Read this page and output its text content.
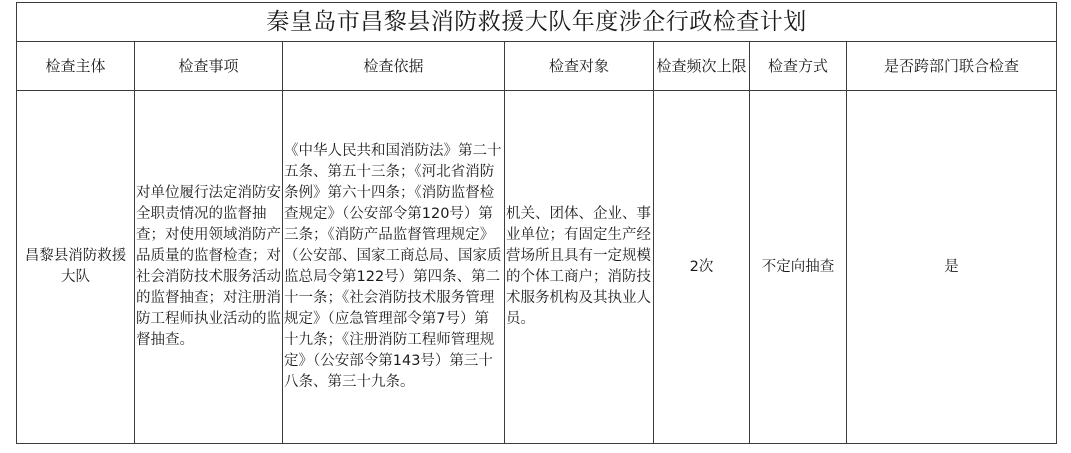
秦皇岛市昌黎县消防救援大队年度涉企行政检查计划						
检查主体	检查事项	检查依据	检查对象	检查频次上限	检查方式	是否跨部门联合检查
昌黎县消防救援大队	对单位履行法定消防安全职责情况的监督抽查；对使用领域消防产品质量的监督检查；对社会消防技术服务活动的监督抽查；对注册消防工程师执业活动的监督抽查。	《中华人民共和国消防法》第二十五条、第五十三条；《河北省消防条例》第六十四条；《消防监督检查规定》（公安部令第120号）第三条；《消防产品监督管理规定》（公安部、国家工商总局、国家质监总局令第122号）第四条、第二十一条；《社会消防技术服务管理规定》（应急管理部令第7号）第十九条；《注册消防工程师管理规定》（公安部令第143号）第三十八条、第三十九条。	机关、团体、企业、事业单位；有固定生产经营场所且具有一定规模的个体工商户；消防技术服务机构及其执业人员。	2次	不定向抽查	是
